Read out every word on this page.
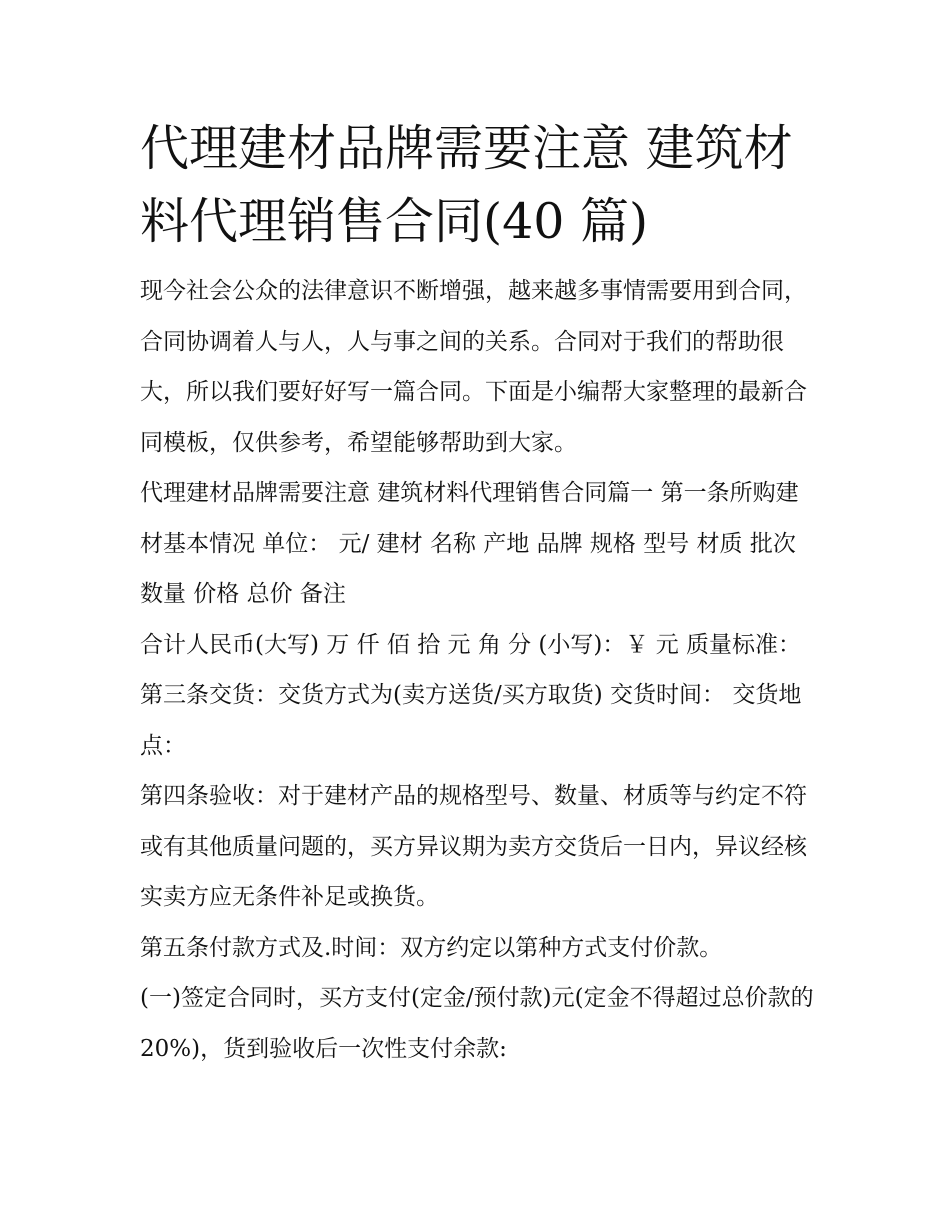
代理建材品牌需要注意 建筑材料代理销售合同(40 篇)

现今社会公众的法律意识不断增强，越来越多事情需要用到合同，合同协调着人与人，人与事之间的关系。合同对于我们的帮助很大，所以我们要好好写一篇合同。下面是小编帮大家整理的最新合同模板，仅供参考，希望能够帮助到大家。

代理建材品牌需要注意 建筑材料代理销售合同篇一 第一条所购建材基本情况 单位： 元/ 建材 名称 产地 品牌 规格 型号 材质 批次 数量 价格 总价 备注

合计人民币(大写) 万 仟 佰 拾 元 角 分 (小写)：￥ 元 质量标准： 第三条交货：交货方式为(卖方送货/买方取货) 交货时间： 交货地点：

第四条验收：对于建材产品的规格型号、数量、材质等与约定不符或有其他质量问题的，买方异议期为卖方交货后一日内，异议经核实卖方应无条件补足或换货。

第五条付款方式及.时间：双方约定以第种方式支付价款。

(一)签定合同时，买方支付(定金/预付款)元(定金不得超过总价款的 20%)，货到验收后一次性支付余款:
